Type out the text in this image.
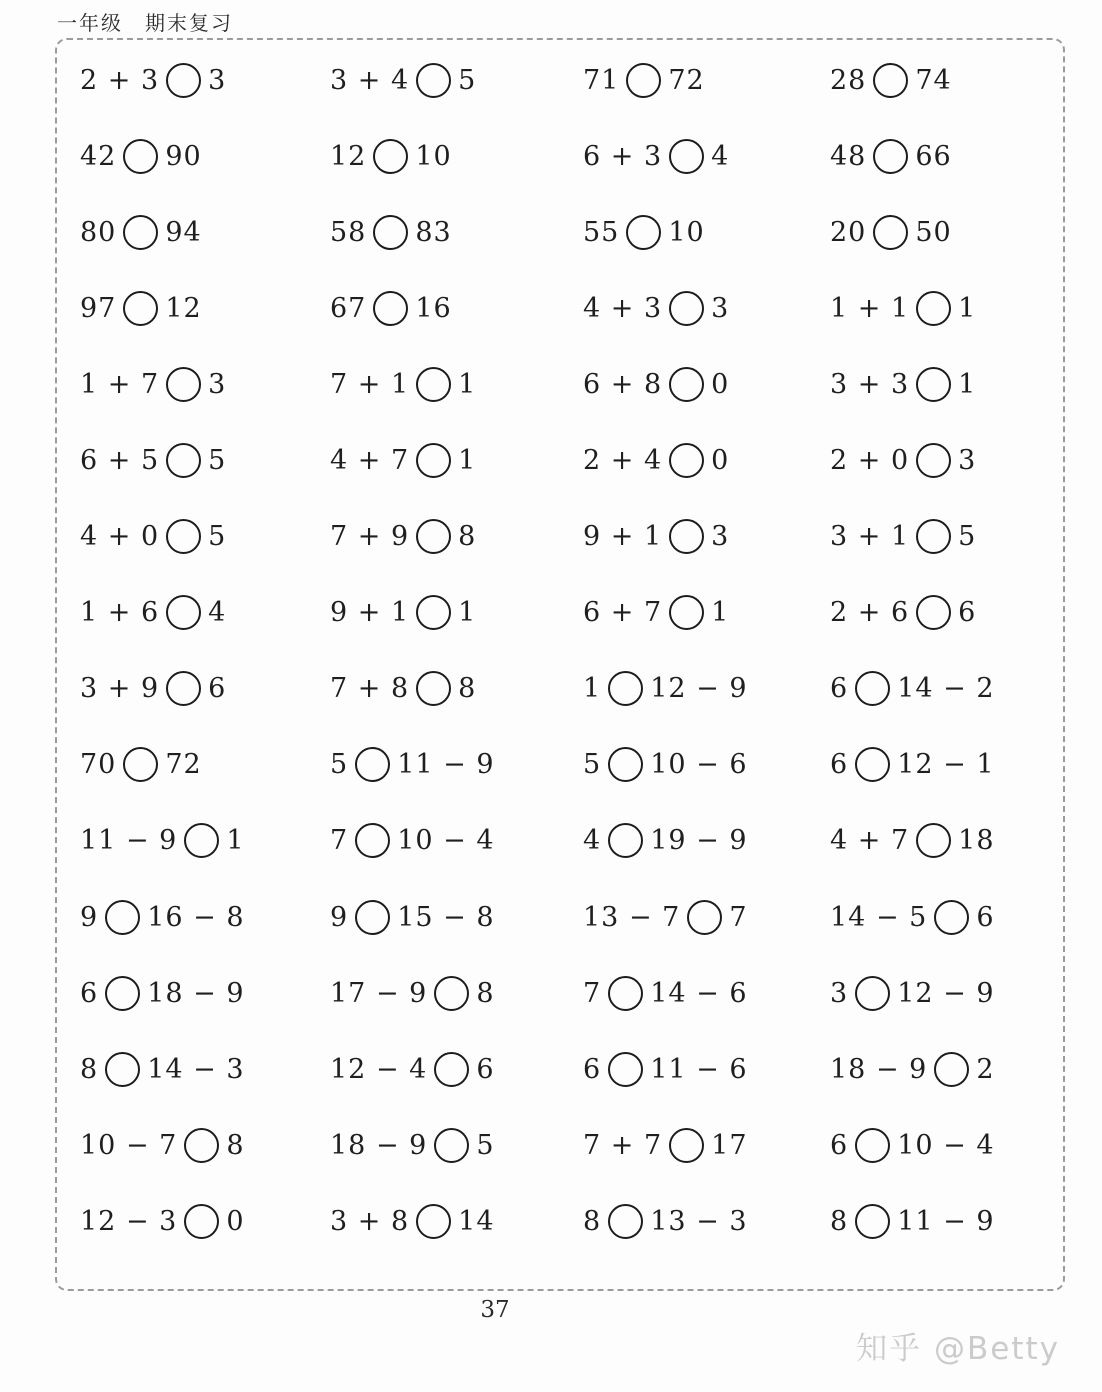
一年级　期末复习
2 + 3 3	3 + 4 5	71 72	28 74
42 90	12 10	6 + 3 4	48 66
80 94	58 83	55 10	20 50
97 12	67 16	4 + 3 3	1 + 1 1
1 + 7 3	7 + 1 1	6 + 8 0	3 + 3 1
6 + 5 5	4 + 7 1	2 + 4 0	2 + 0 3
4 + 0 5	7 + 9 8	9 + 1 3	3 + 1 5
1 + 6 4	9 + 1 1	6 + 7 1	2 + 6 6
3 + 9 6	7 + 8 8	1 12 − 9	6 14 − 2
70 72	5 11 − 9	5 10 − 6	6 12 − 1
11 − 9 1	7 10 − 4	4 19 − 9	4 + 7 18
9 16 − 8	9 15 − 8	13 − 7 7	14 − 5 6
6 18 − 9	17 − 9 8	7 14 − 6	3 12 − 9
8 14 − 3	12 − 4 6	6 11 − 6	18 − 9 2
10 − 7 8	18 − 9 5	7 + 7 17	6 10 − 4
12 − 3 0	3 + 8 14	8 13 − 3	8 11 − 9
37
知乎 @Betty
